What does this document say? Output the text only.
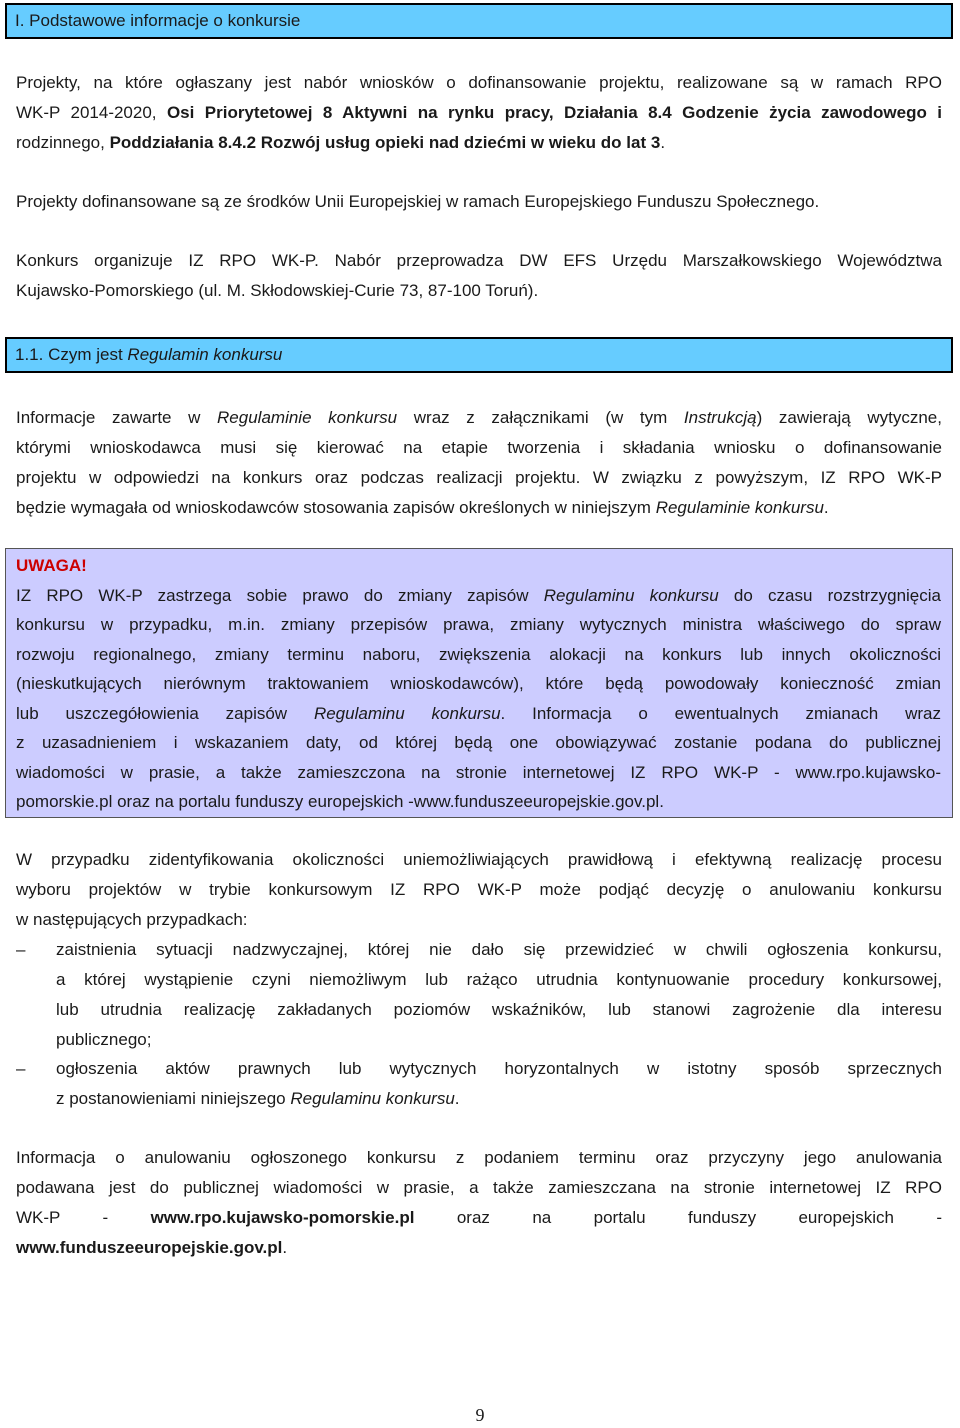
I. Podstawowe informacje o konkursie
Projekty, na które ogłaszany jest nabór wniosków o dofinansowanie projektu, realizowane są w ramach RPO
WK-P 2014-2020, Osi Priorytetowej 8 Aktywni na rynku pracy, Działania 8.4 Godzenie życia zawodowego i
rodzinnego, Poddziałania 8.4.2 Rozwój usług opieki nad dziećmi w wieku do lat 3.
Projekty dofinansowane są ze środków Unii Europejskiej w ramach Europejskiego Funduszu Społecznego.
Konkurs organizuje IZ RPO WK-P. Nabór przeprowadza DW EFS Urzędu Marszałkowskiego Województwa
Kujawsko-Pomorskiego (ul. M. Skłodowskiej-Curie 73, 87-100 Toruń).
1.1. Czym jest Regulamin konkursu
Informacje zawarte w Regulaminie konkursu wraz z załącznikami (w tym Instrukcją) zawierają wytyczne,
którymi wnioskodawca musi się kierować na etapie tworzenia i składania wniosku o dofinansowanie
projektu w odpowiedzi na konkurs oraz podczas realizacji projektu. W związku z powyższym, IZ RPO WK-P
będzie wymagała od wnioskodawców stosowania zapisów określonych w niniejszym Regulaminie konkursu.
UWAGA!
IZ RPO WK-P zastrzega sobie prawo do zmiany zapisów Regulaminu konkursu do czasu rozstrzygnięcia
konkursu w przypadku, m.in. zmiany przepisów prawa, zmiany wytycznych ministra właściwego do spraw
rozwoju regionalnego, zmiany terminu naboru, zwiększenia alokacji na konkurs lub innych okoliczności
(nieskutkujących nierównym traktowaniem wnioskodawców), które będą powodowały konieczność zmian
lub uszczegółowienia zapisów Regulaminu konkursu. Informacja o ewentualnych zmianach wraz
z uzasadnieniem i wskazaniem daty, od której będą one obowiązywać zostanie podana do publicznej
wiadomości w prasie, a także zamieszczona na stronie internetowej IZ RPO WK-P - www.rpo.kujawsko-
pomorskie.pl oraz na portalu funduszy europejskich -www.funduszeeuropejskie.gov.pl.
W przypadku zidentyfikowania okoliczności uniemożliwiających prawidłową i efektywną realizację procesu
wyboru projektów w trybie konkursowym IZ RPO WK-P może podjąć decyzję o anulowaniu konkursu
w następujących przypadkach:
–	zaistnienia sytuacji nadzwyczajnej, której nie dało się przewidzieć w chwili ogłoszenia konkursu,
a której wystąpienie czyni niemożliwym lub rażąco utrudnia kontynuowanie procedury konkursowej,
lub utrudnia realizację zakładanych poziomów wskaźników, lub stanowi zagrożenie dla interesu
publicznego;
–	ogłoszenia aktów prawnych lub wytycznych horyzontalnych w istotny sposób sprzecznych
z postanowieniami niniejszego Regulaminu konkursu.
Informacja o anulowaniu ogłoszonego konkursu z podaniem terminu oraz przyczyny jego anulowania
podawana jest do publicznej wiadomości w prasie, a także zamieszczana na stronie internetowej IZ RPO
WK-P - www.rpo.kujawsko-pomorskie.pl oraz na portalu funduszy europejskich -
www.funduszeeuropejskie.gov.pl.
9
